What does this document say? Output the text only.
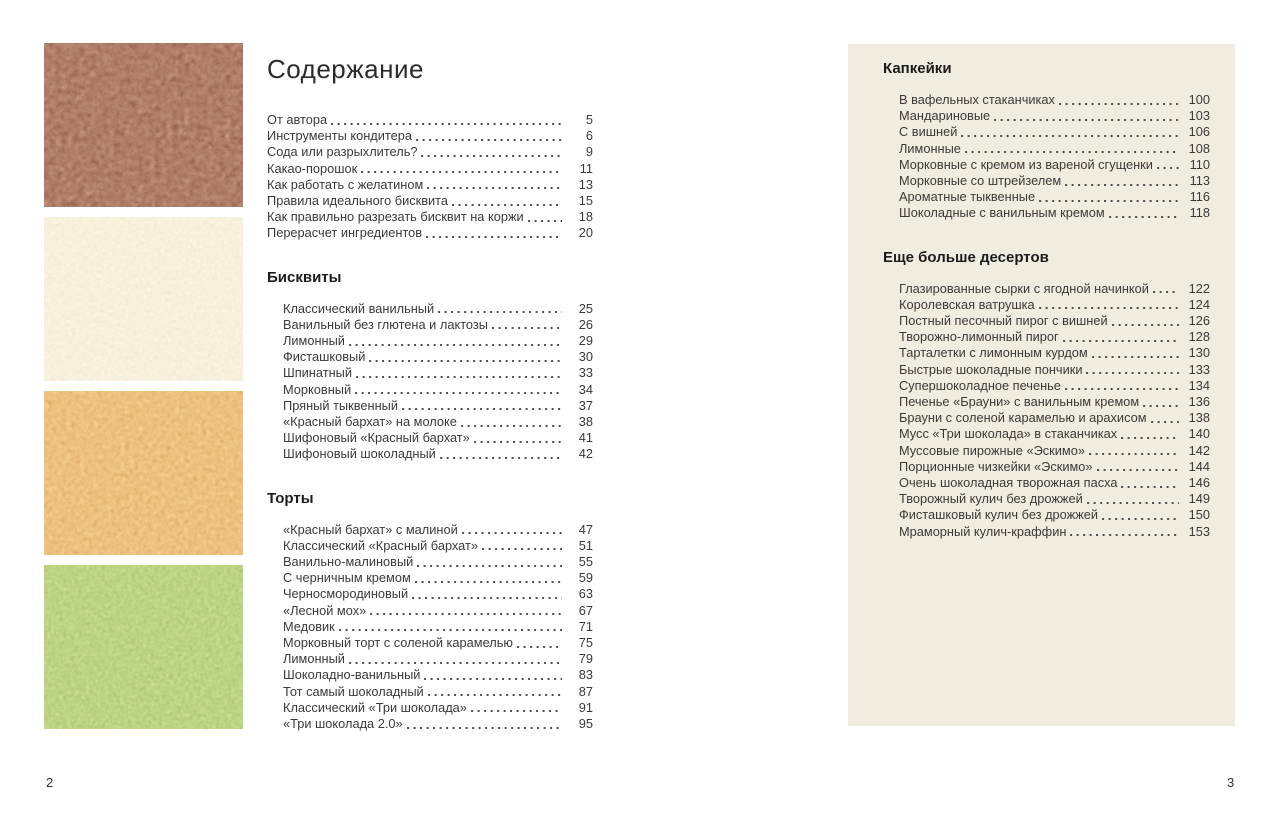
Содержание
От автора	5
Инструменты кондитера	6
Сода или разрыхлитель?	9
Какао-порошок	11
Как работать с желатином	13
Правила идеального бисквита	15
Как правильно разрезать бисквит на коржи	18
Перерасчет ингредиентов	20
Бисквиты
Классический ванильный	25
Ванильный без глютена и лактозы	26
Лимонный	29
Фисташковый	30
Шпинатный	33
Морковный	34
Пряный тыквенный	37
«Красный бархат» на молоке	38
Шифоновый «Красный бархат»	41
Шифоновый шоколадный	42
Торты
«Красный бархат» с малиной	47
Классический «Красный бархат»	51
Ванильно-малиновый	55
С черничным кремом	59
Черносмородиновый	63
«Лесной мох»	67
Медовик	71
Морковный торт с соленой карамелью	75
Лимонный	79
Шоколадно-ванильный	83
Тот самый шоколадный	87
Классический «Три шоколада»	91
«Три шоколада 2.0»	95
Капкейки
В вафельных стаканчиках	100
Мандариновые	103
С вишней	106
Лимонные	108
Морковные с кремом из вареной сгущенки	110
Морковные со штрейзелем	113
Ароматные тыквенные	116
Шоколадные с ванильным кремом	118
Еще больше десертов
Глазированные сырки с ягодной начинкой	122
Королевская ватрушка	124
Постный песочный пирог с вишней	126
Творожно-лимонный пирог	128
Тарталетки с лимонным курдом	130
Быстрые шоколадные пончики	133
Супершоколадное печенье	134
Печенье «Брауни» с ванильным кремом	136
Брауни с соленой карамелью и арахисом	138
Мусс «Три шоколада» в стаканчиках	140
Муссовые пирожные «Эскимо»	142
Порционные чизкейки «Эскимо»	144
Очень шоколадная творожная пасха	146
Творожный кулич без дрожжей	149
Фисташковый кулич без дрожжей	150
Мраморный кулич-краффин	153
2	3
